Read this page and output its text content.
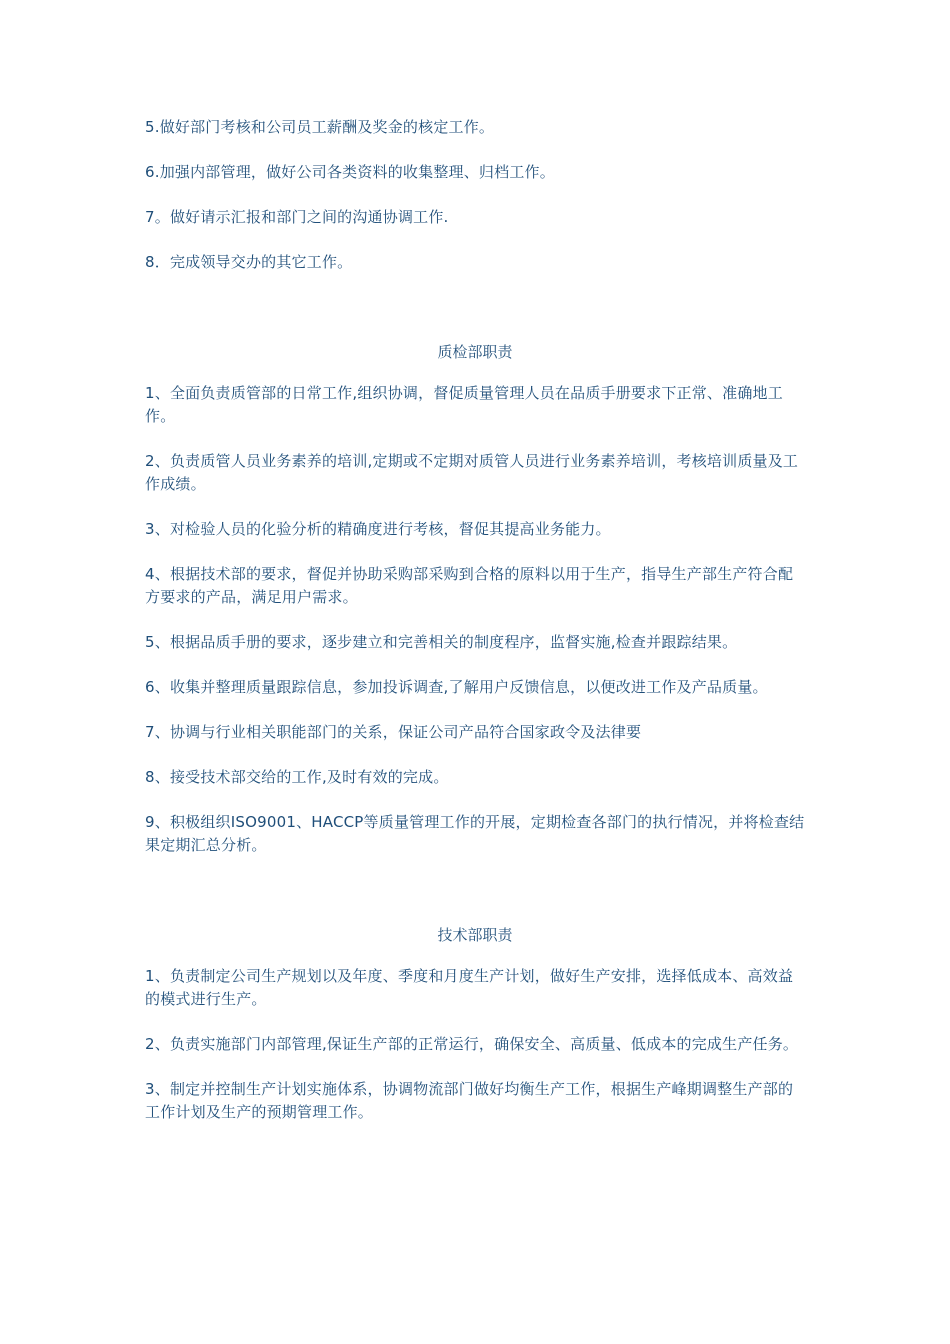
5.做好部门考核和公司员工薪酬及奖金的核定工作。

6.加强内部管理，做好公司各类资料的收集整理、归档工作。

7。做好请示汇报和部门之间的沟通协调工作.

8．完成领导交办的其它工作。

质检部职责

1、全面负责质管部的日常工作,组织协调，督促质量管理人员在品质手册要求下正常、准确地工作。

2、负责质管人员业务素养的培训,定期或不定期对质管人员进行业务素养培训，考核培训质量及工作成绩。

3、对检验人员的化验分析的精确度进行考核，督促其提高业务能力。

4、根据技术部的要求，督促并协助采购部采购到合格的原料以用于生产，指导生产部生产符合配方要求的产品，满足用户需求。

5、根据品质手册的要求，逐步建立和完善相关的制度程序，监督实施,检查并跟踪结果。

6、收集并整理质量跟踪信息，参加投诉调查,了解用户反馈信息，以便改进工作及产品质量。

7、协调与行业相关职能部门的关系，保证公司产品符合国家政令及法律要

8、接受技术部交给的工作,及时有效的完成。

9、积极组织ISO9001、HACCP等质量管理工作的开展，定期检查各部门的执行情况，并将检查结果定期汇总分析。

技术部职责

1、负责制定公司生产规划以及年度、季度和月度生产计划，做好生产安排，选择低成本、高效益的模式进行生产。

2、负责实施部门内部管理,保证生产部的正常运行，确保安全、高质量、低成本的完成生产任务。

3、制定并控制生产计划实施体系，协调物流部门做好均衡生产工作，根据生产峰期调整生产部的工作计划及生产的预期管理工作。
